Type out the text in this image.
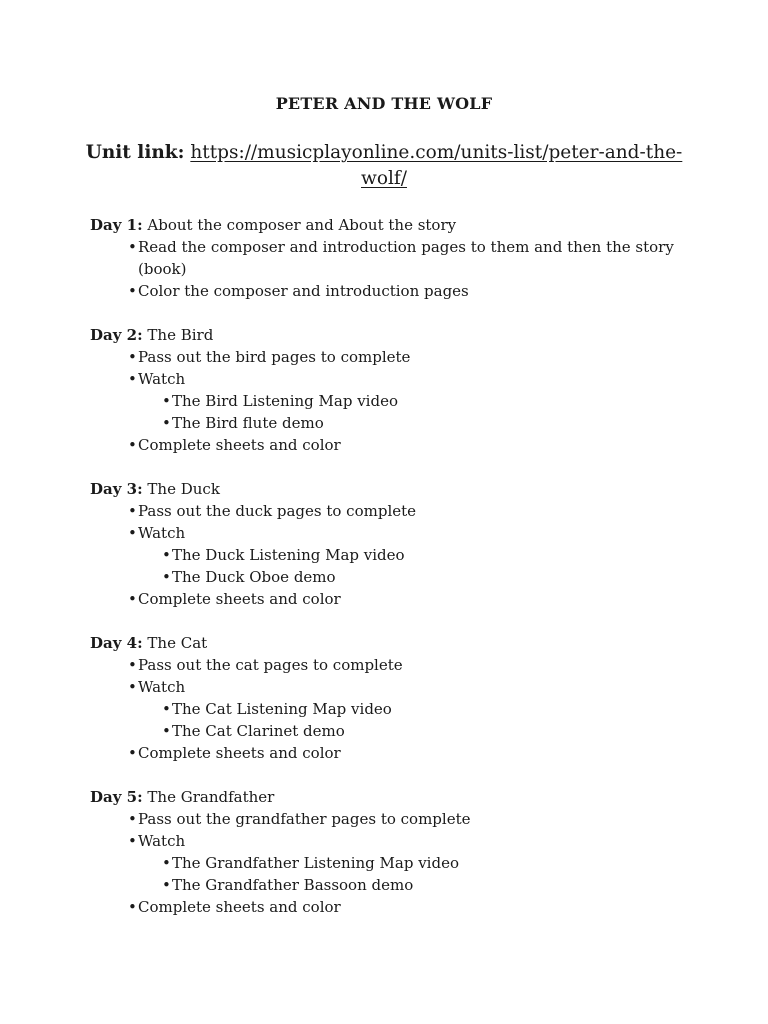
PETER AND THE WOLF
Unit link: https://musicplayonline.com/units-list/peter-and-the-wolf/
Day 1: About the composer and About the story
• Read the composer and introduction pages to them and then the story (book)
• Color the composer and introduction pages
Day 2: The Bird
• Pass out the bird pages to complete
• Watch
• The Bird Listening Map video
• The Bird flute demo
• Complete sheets and color
Day 3: The Duck
• Pass out the duck pages to complete
• Watch
• The Duck Listening Map video
• The Duck Oboe demo
• Complete sheets and color
Day 4: The Cat
• Pass out the cat pages to complete
• Watch
• The Cat Listening Map video
• The Cat Clarinet demo
• Complete sheets and color
Day 5: The Grandfather
• Pass out the grandfather pages to complete
• Watch
• The Grandfather Listening Map video
• The Grandfather Bassoon demo
• Complete sheets and color
